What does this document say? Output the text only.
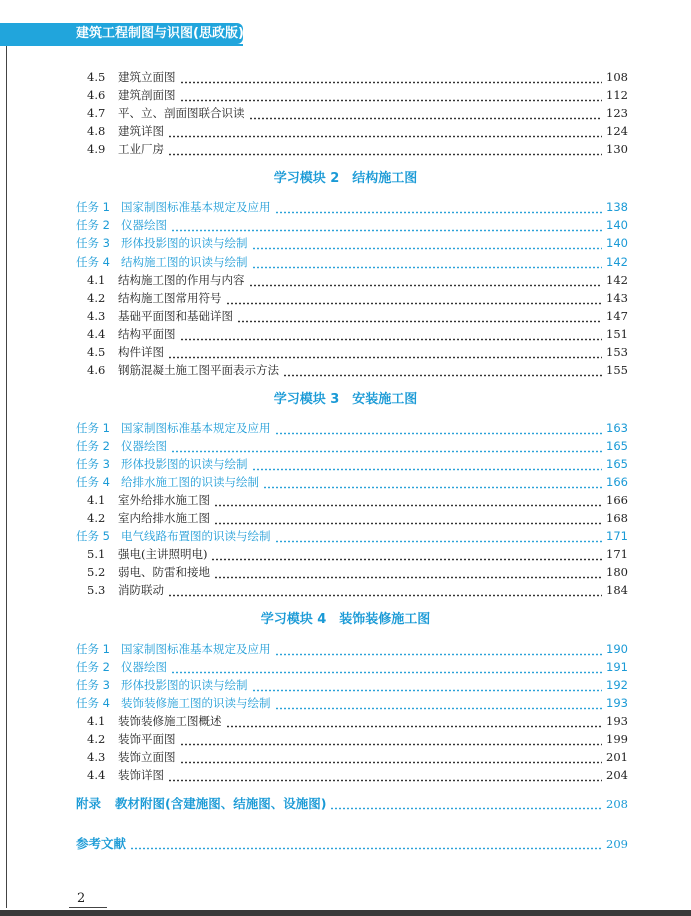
建筑工程制图与识图(思政版)
4.5	建筑立面图	108
4.6	建筑剖面图	112
4.7	平、立、剖面图联合识读	123
4.8	建筑详图	124
4.9	工业厂房	130
学习模块 2　结构施工图
任务 1 国家制图标准基本规定及应用	138
任务 2 仪器绘图	140
任务 3 形体投影图的识读与绘制	140
任务 4 结构施工图的识读与绘制	142
4.1	结构施工图的作用与内容	142
4.2	结构施工图常用符号	143
4.3	基础平面图和基础详图	147
4.4	结构平面图	151
4.5	构件详图	153
4.6	钢筋混凝土施工图平面表示方法	155
学习模块 3　安装施工图
任务 1 国家制图标准基本规定及应用	163
任务 2 仪器绘图	165
任务 3 形体投影图的识读与绘制	165
任务 4 给排水施工图的识读与绘制	166
4.1	室外给排水施工图	166
4.2	室内给排水施工图	168
任务 5 电气线路布置图的识读与绘制	171
5.1	强电(主讲照明电)	171
5.2	弱电、防雷和接地	180
5.3	消防联动	184
学习模块 4　装饰装修施工图
任务 1 国家制图标准基本规定及应用	190
任务 2 仪器绘图	191
任务 3 形体投影图的识读与绘制	192
任务 4 装饰装修施工图的识读与绘制	193
4.1	装饰装修施工图概述	193
4.2	装饰平面图	199
4.3	装饰立面图	201
4.4	装饰详图	204
附录 教材附图(含建施图、结施图、设施图)	208
参考文献	209
2
